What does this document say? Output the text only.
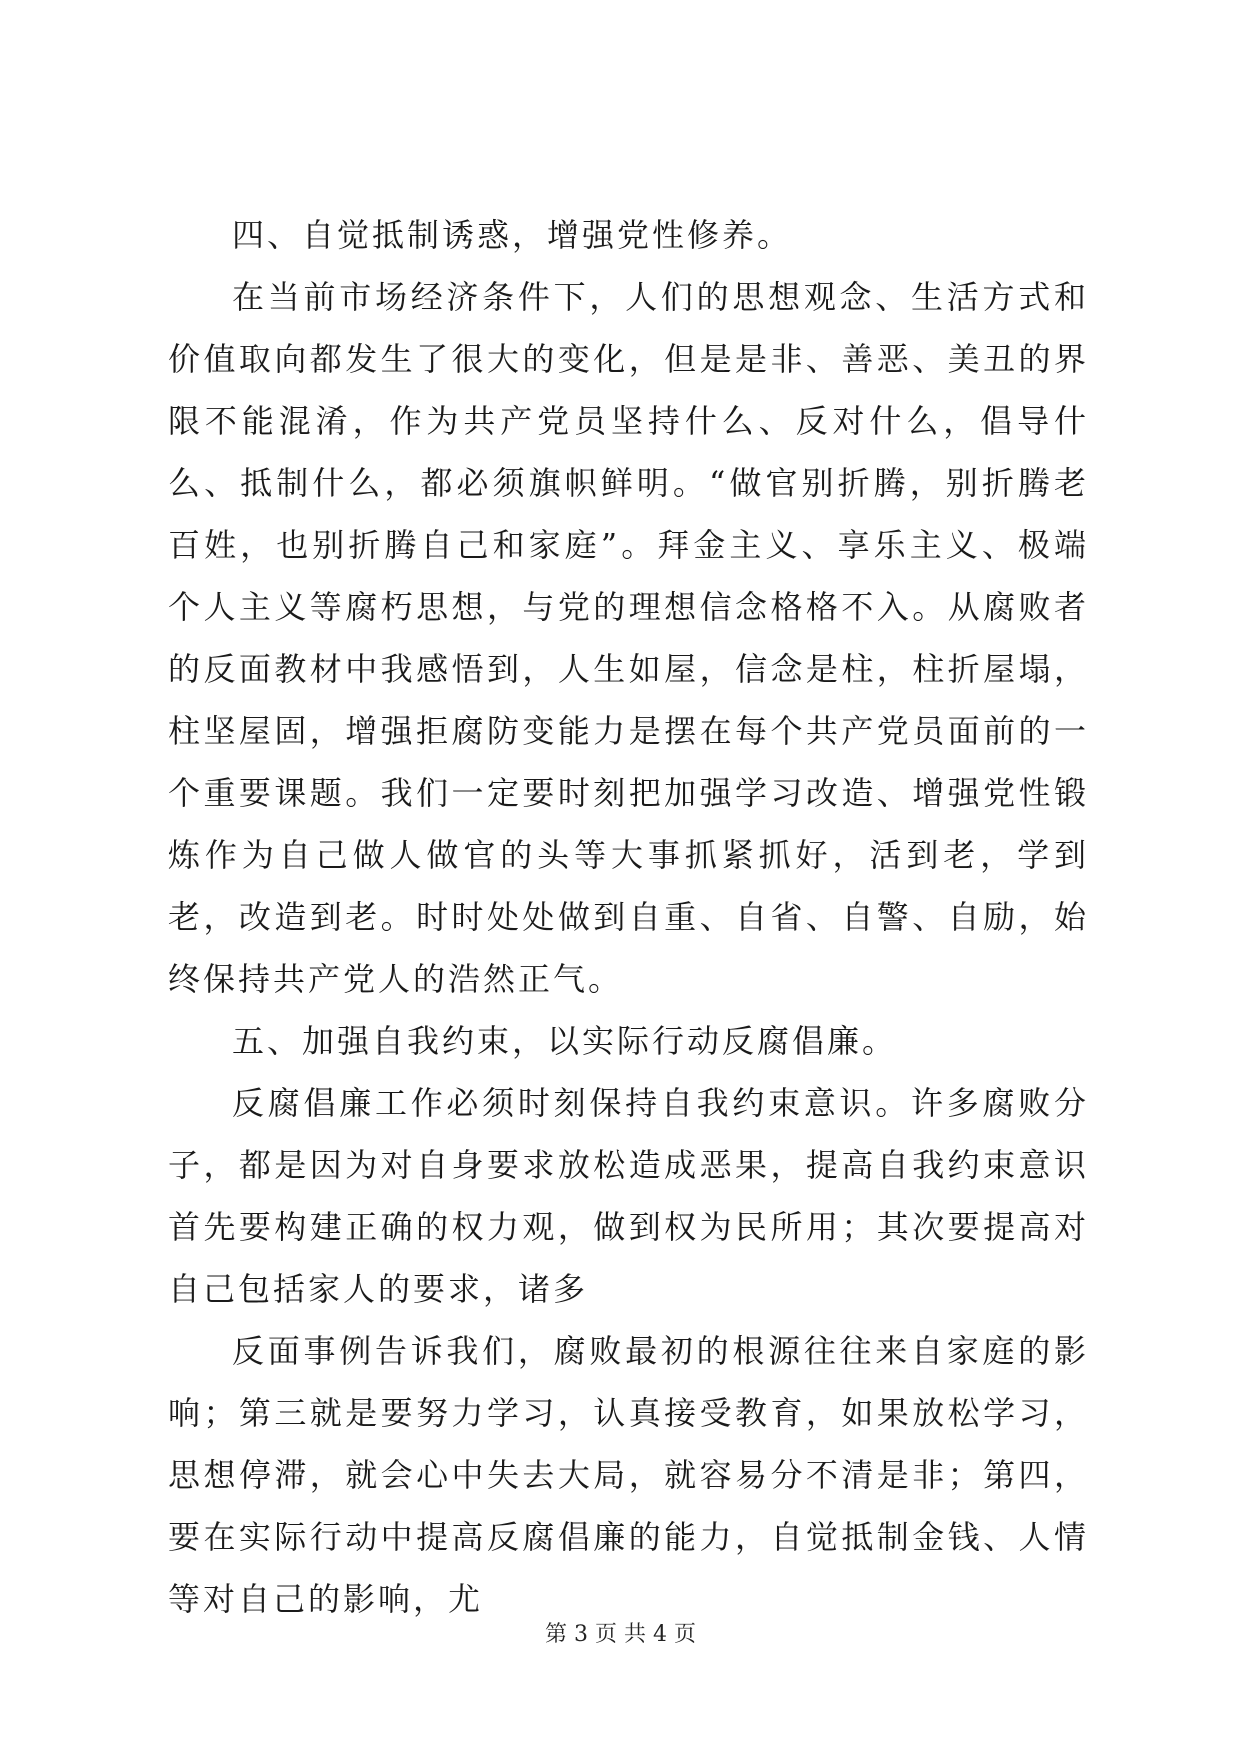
四、自觉抵制诱惑，增强党性修养。

在当前市场经济条件下，人们的思想观念、生活方式和价值取向都发生了很大的变化，但是是非、善恶、美丑的界限不能混淆，作为共产党员坚持什么、反对什么，倡导什么、抵制什么，都必须旗帜鲜明。“做官别折腾，别折腾老百姓，也别折腾自己和家庭”。拜金主义、享乐主义、极端个人主义等腐朽思想，与党的理想信念格格不入。从腐败者的反面教材中我感悟到，人生如屋，信念是柱，柱折屋塌，柱坚屋固，增强拒腐防变能力是摆在每个共产党员面前的一个重要课题。我们一定要时刻把加强学习改造、增强党性锻炼作为自己做人做官的头等大事抓紧抓好，活到老，学到老，改造到老。时时处处做到自重、自省、自警、自励，始终保持共产党人的浩然正气。

五、加强自我约束，以实际行动反腐倡廉。

反腐倡廉工作必须时刻保持自我约束意识。许多腐败分子，都是因为对自身要求放松造成恶果，提高自我约束意识首先要构建正确的权力观，做到权为民所用；其次要提高对自己包括家人的要求，诸多

反面事例告诉我们，腐败最初的根源往往来自家庭的影响；第三就是要努力学习，认真接受教育，如果放松学习，思想停滞，就会心中失去大局，就容易分不清是非；第四，要在实际行动中提高反腐倡廉的能力，自觉抵制金钱、人情等对自己的影响，尤

第 3 页 共 4 页
